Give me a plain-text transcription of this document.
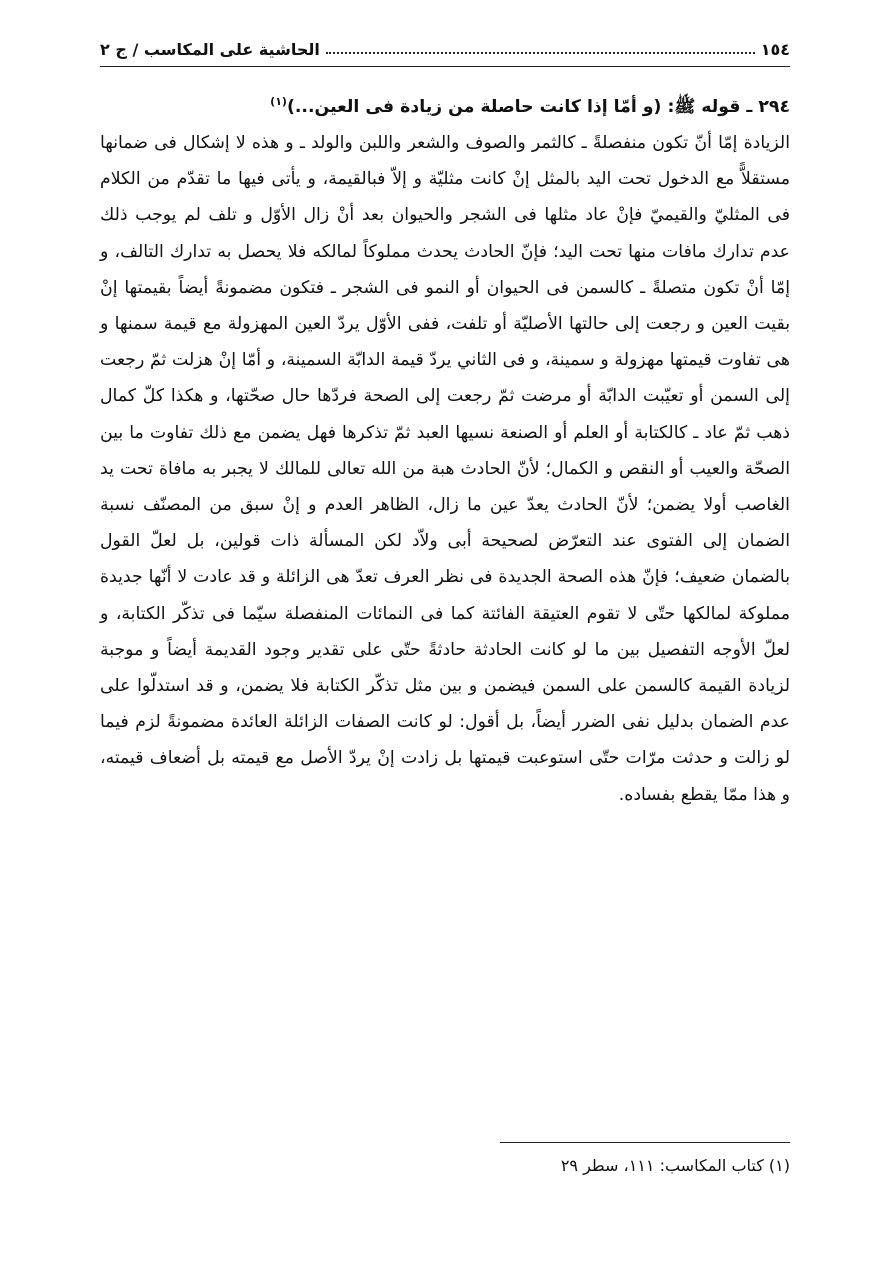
١٥٤
الحاشية على المكاسب / ج ٢

٢٩٤ ـ قوله ﷺ: (و أمّا إذا كانت حاصلة من زيادة فى العين...)$^{(١)}$

الزيادة إمّا أنّ تكون منفصلةً ـ كالثمر والصوف والشعر واللبن والولد ـ و هذه لا إشكال فى ضمانها مستقلاًّ مع الدخول تحت اليد بالمثل إنْ كانت مثليّة و إلاّ فبالقيمة، و يأتى فيها ما تقدّم من الكلام فى المثليّ والقيميّ فإنْ عاد مثلها فى الشجر والحيوان بعد أنْ زال الأوّل و تلف لم يوجب ذلك عدم تدارك مافات منها تحت اليد؛ فإنّ الحادث يحدث مملوكاً لمالكه فلا يحصل به تدارك التالف، و إمّا أنْ تكون متصلةً ـ كالسمن فى الحيوان أو النمو فى الشجر ـ فتكون مضمونةً أيضاً بقيمتها إنْ بقيت العين و رجعت إلى حالتها الأصليّة أو تلفت، ففى الأوّل يردّ العين المهزولة مع قيمة سمنها و هى تفاوت قيمتها مهزولة و سمينة، و فى الثاني يردّ قيمة الدابّة السمينة، و أمّا إنْ هزلت ثمّ رجعت إلى السمن أو تعيّبت الدابّة أو مرضت ثمّ رجعت إلى الصحة فردّها حال صحّتها، و هكذا كلّ كمال ذهب ثمّ عاد ـ كالكتابة أو العلم أو الصنعة نسيها العبد ثمّ تذكرها فهل يضمن مع ذلك تفاوت ما بين الصحّة والعيب أو النقص و الكمال؛ لأنّ الحادث هبة من الله تعالى للمالك لا يجبر به مافاة تحت يد الغاصب أولا يضمن؛ لأنّ الحادث يعدّ عين ما زال، الظاهر العدم و إنْ سبق من المصنّف نسبة الضمان إلى الفتوى عند التعرّض لصحيحة أبى ولاّد لكن المسألة ذات قولين، بل لعلّ القول بالضمان ضعيف؛ فإنّ هذه الصحة الجديدة فى نظر العرف تعدّ هى الزائلة و قد عادت لا أنّها جديدة مملوكة لمالكها حتّى لا تقوم العتيقة الفائتة كما فى النمائات المنفصلة سيّما فى تذكّر الكتابة، و لعلّ الأوجه التفصيل بين ما لو كانت الحادثة حادثةً حتّى على تقدير وجود القديمة أيضاً و موجبة لزيادة القيمة كالسمن على السمن فيضمن و بين مثل تذكّر الكتابة فلا يضمن، و قد استدلّوا على عدم الضمان بدليل نفى الضرر أيضاً، بل أقول: لو كانت الصفات الزائلة العائدة مضمونةً لزم فيما لو زالت و حدثت مرّات حتّى استوعبت قيمتها بل زادت إنْ يردّ الأصل مع قيمته بل أضعاف قيمته، و هذا ممّا يقطع بفساده.

(١) كتاب المكاسب: ١١١، سطر ٢٩
